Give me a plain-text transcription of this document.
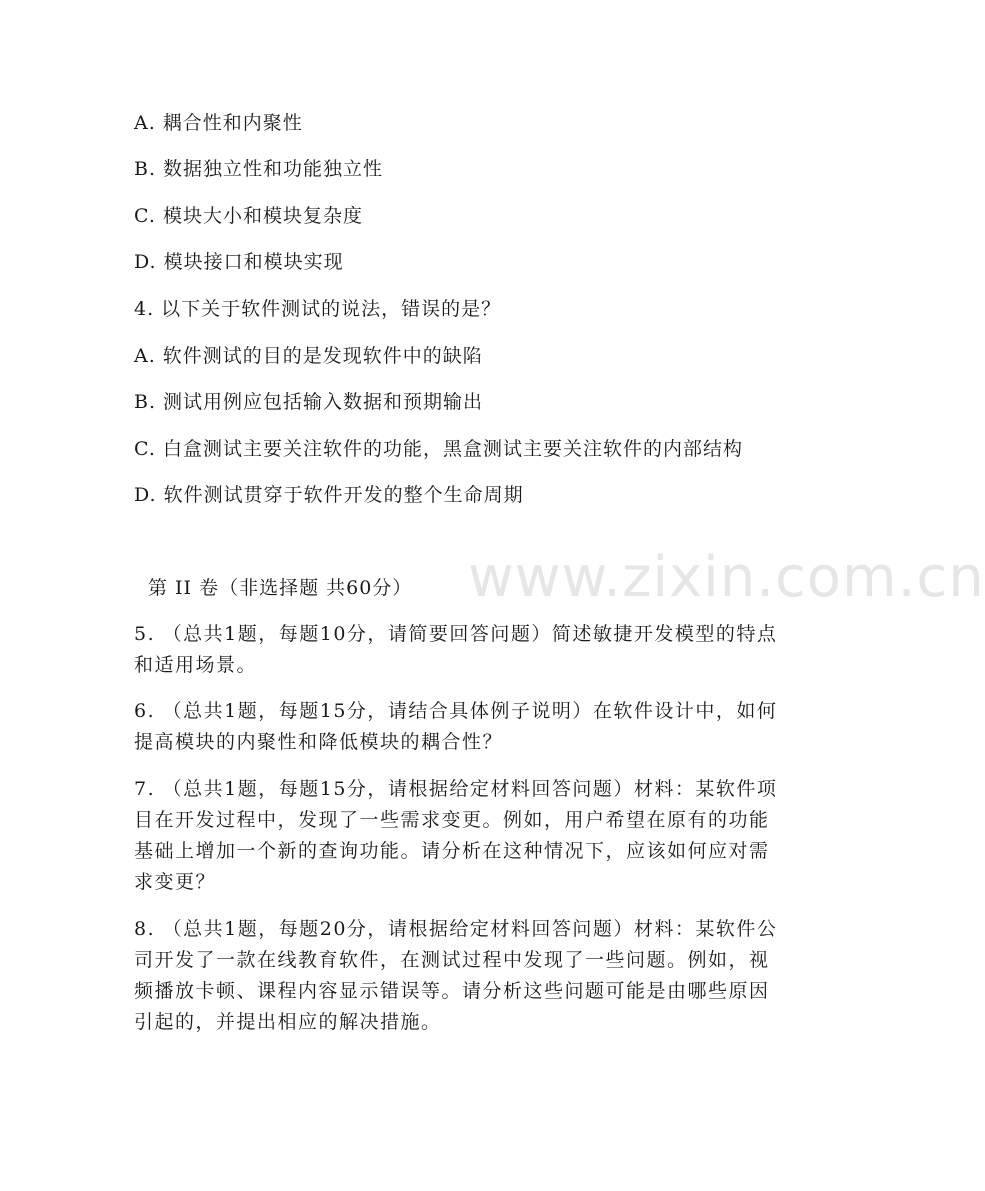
www.zixin.com.cn
A. 耦合性和内聚性
B. 数据独立性和功能独立性
C. 模块大小和模块复杂度
D. 模块接口和模块实现
4. 以下关于软件测试的说法，错误的是？
A. 软件测试的目的是发现软件中的缺陷
B. 测试用例应包括输入数据和预期输出
C. 白盒测试主要关注软件的功能，黑盒测试主要关注软件的内部结构
D. 软件测试贯穿于软件开发的整个生命周期
第 II 卷（非选择题 共60分）
5. （总共1题，每题10分，请简要回答问题）简述敏捷开发模型的特点和适用场景。
6. （总共1题，每题15分，请结合具体例子说明）在软件设计中，如何提高模块的内聚性和降低模块的耦合性？
7. （总共1题，每题15分，请根据给定材料回答问题）材料：某软件项目在开发过程中，发现了一些需求变更。例如，用户希望在原有的功能基础上增加一个新的查询功能。请分析在这种情况下，应该如何应对需求变更？
8. （总共1题，每题20分，请根据给定材料回答问题）材料：某软件公司开发了一款在线教育软件，在测试过程中发现了一些问题。例如，视频播放卡顿、课程内容显示错误等。请分析这些问题可能是由哪些原因引起的，并提出相应的解决措施。
